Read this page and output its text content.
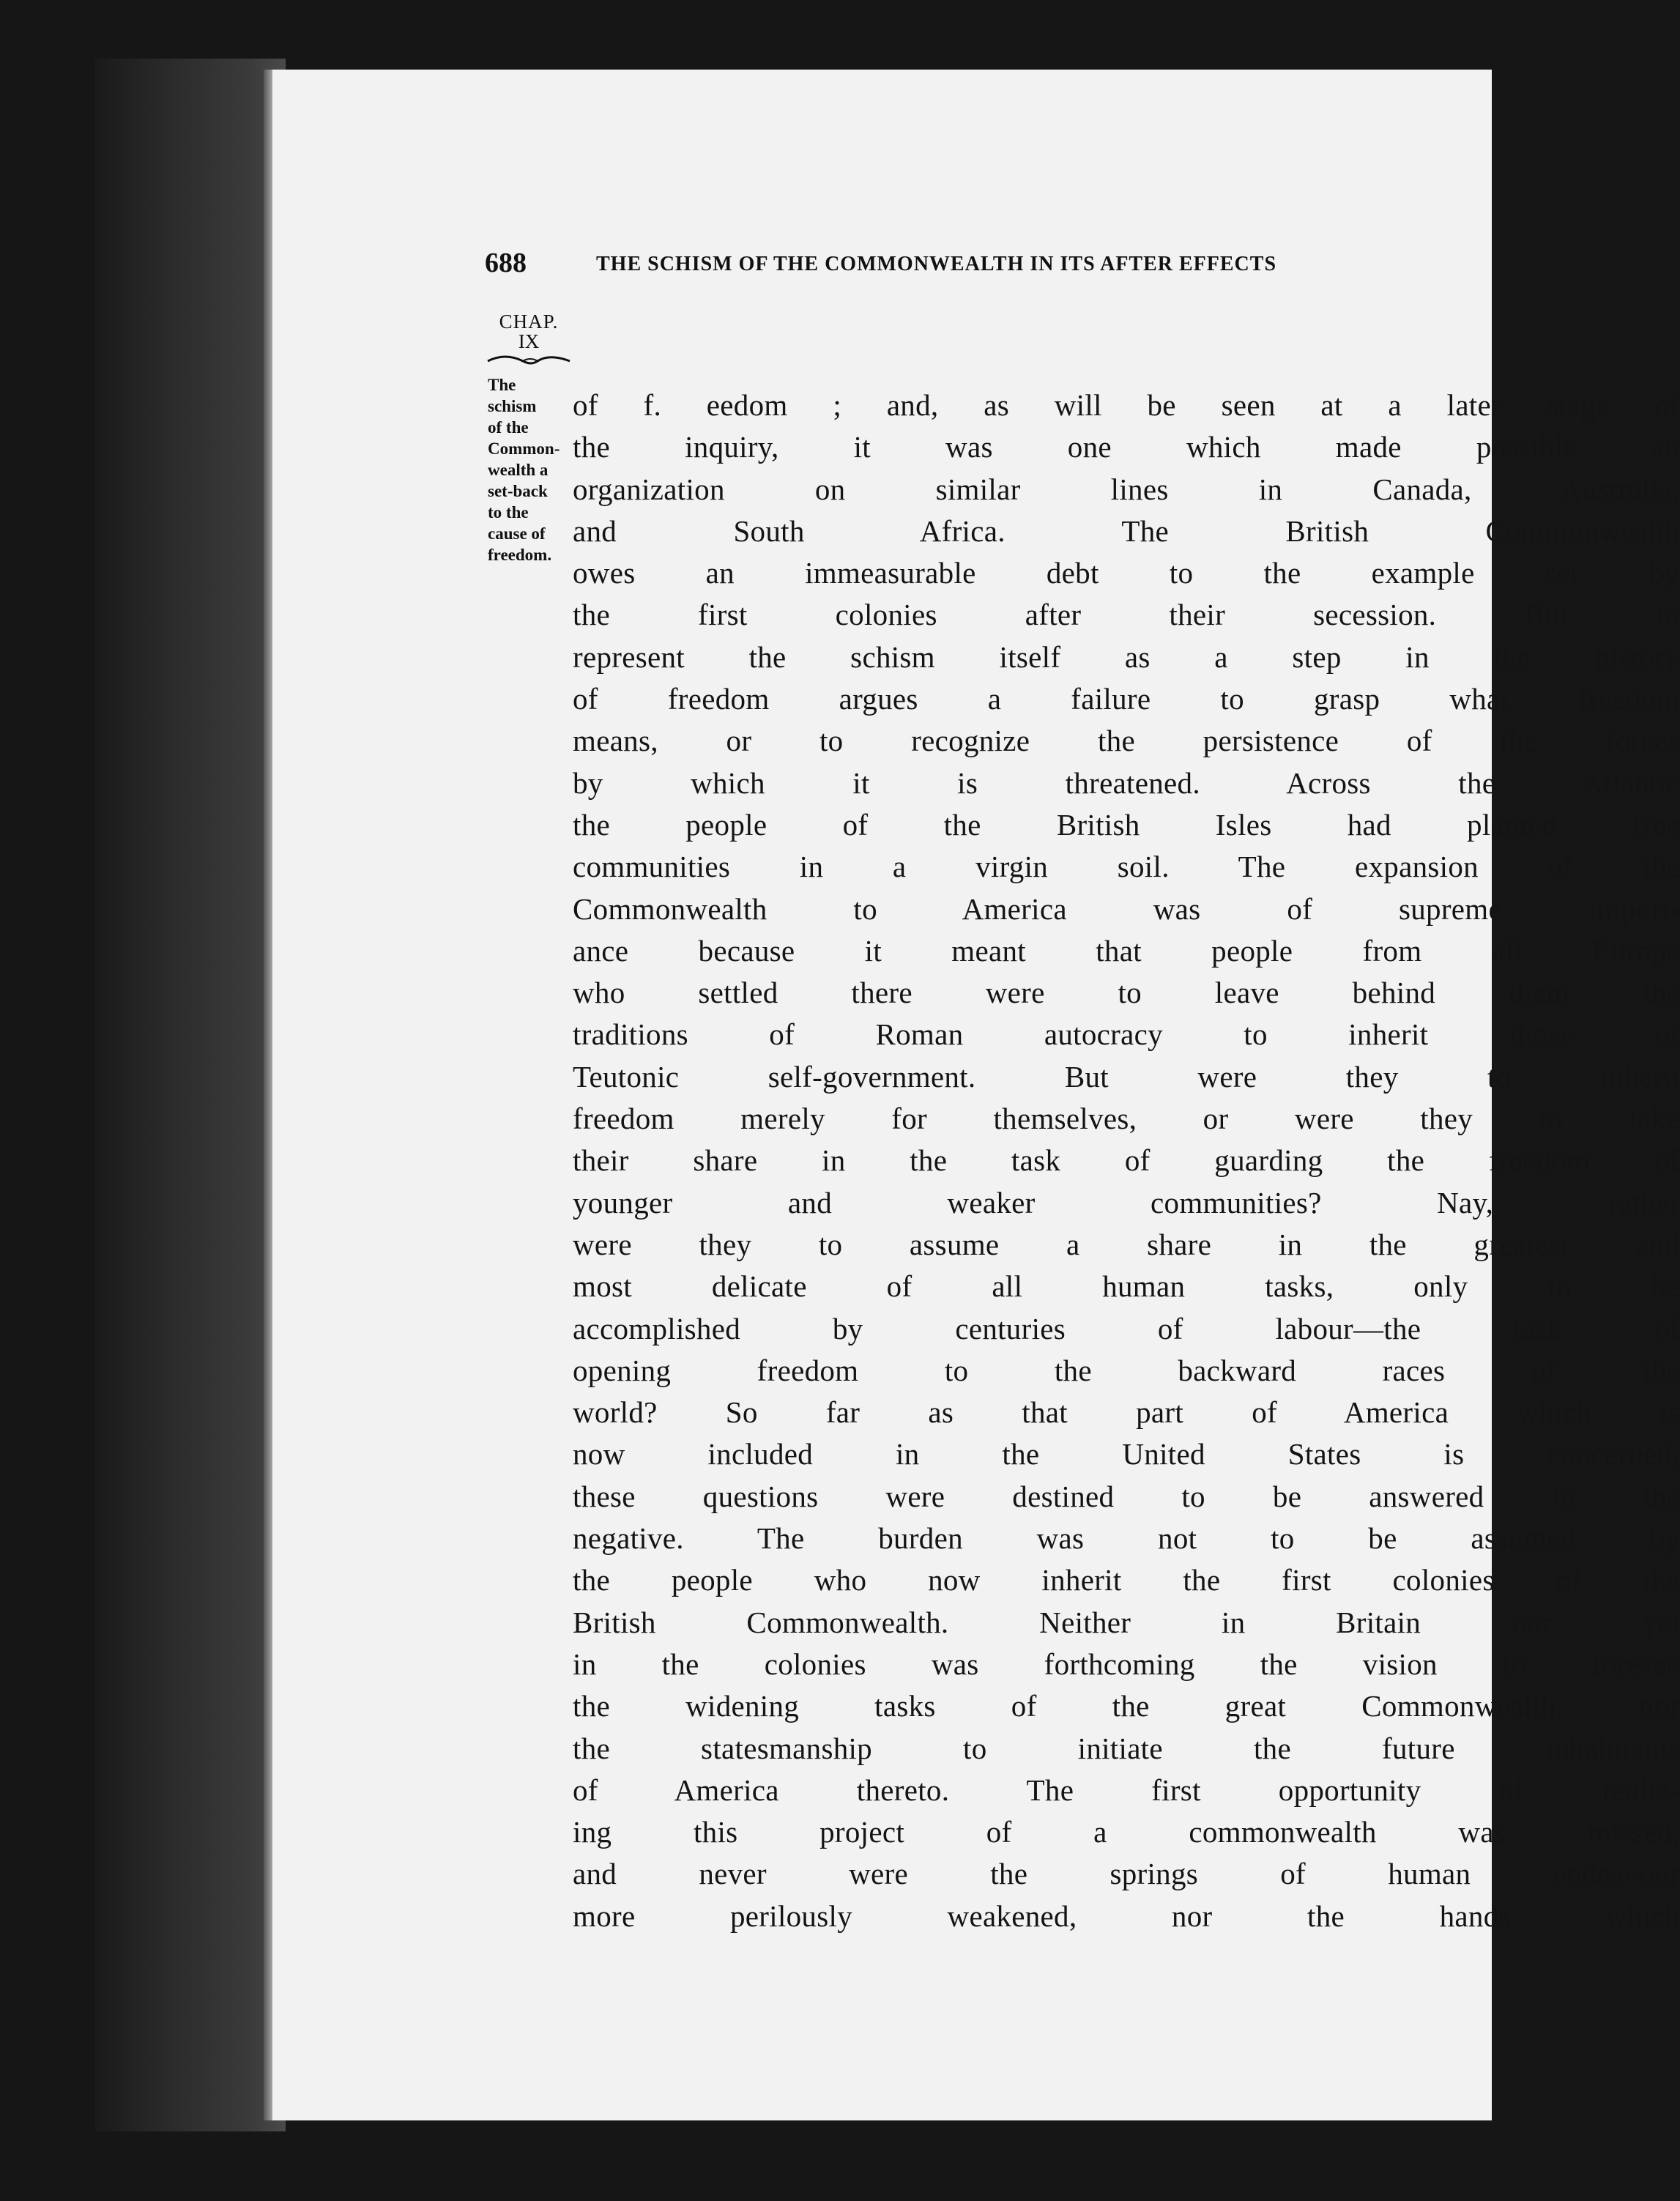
688	THE SCHISM OF THE COMMONWEALTH IN ITS AFTER EFFECTS
CHAP.
IX
The
schism
of the
Common-
wealth a
set-back
to the
cause of
freedom.
of f. eedom ; and, as will be seen at a later stage of
the inquiry, it was one which made possible an
organization on similar lines in Canada, Australia,
and South Africa. The British Commonwealth
owes an immeasurable debt to the example set by
the first colonies after their secession. But to
represent the schism itself as a step in the history
of freedom argues a failure to grasp what freedom
means, or to recognize the persistence of the forces
by which it is threatened. Across the Atlantic
the people of the British Isles had planted free
communities in a virgin soil. The expansion of the
Commonwealth to America was of supreme import-
ance because it meant that people from all Europe
who settled there were to leave behind them the
traditions of Roman autocracy to inherit those of
Teutonic self-government. But were they to inherit
freedom merely for themselves, or were they to take
their share in the task of guarding the freedom of
younger and weaker communities? Nay, rather
were they to assume a share in the greatest and
most delicate of all human tasks, only to be
accomplished by centuries of labour—the task of
opening freedom to the backward races of the
world? So far as that part of America which is
now included in the United States is concerned,
these questions were destined to be answered in the
negative. The burden was not to be assumed by
the people who now inherit the first colonies of the
British Commonwealth. Neither in Britain nor yet
in the colonies was forthcoming the vision to foresee
the widening tasks of the great Commonwealth, nor
the statesmanship to initiate the future inhabitants
of America thereto. The first opportunity of realiz-
ing this project of a commonwealth was missed,
and never were the springs of human endeavour
more perilously weakened, nor the hands which
